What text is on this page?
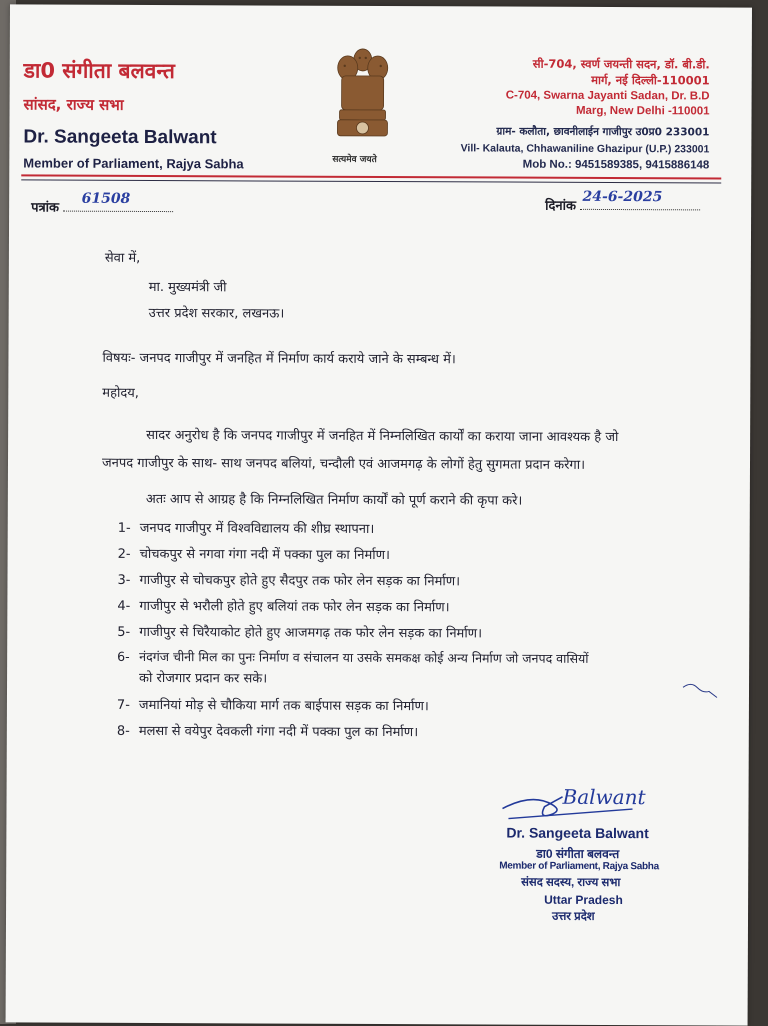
डा0 संगीता बलवन्त
सांसद, राज्य सभा
Dr. Sangeeta Balwant
Member of Parliament, Rajya Sabha	सत्यमेव जयते
सी-704, स्वर्ण जयन्ती सदन, डॉ. बी.डी.
मार्ग, नई दिल्ली-110001
C-704, Swarna Jayanti Sadan, Dr. B.D
Marg, New Delhi -110001
ग्राम- कलौता, छावनीलाईन गाजीपुर उ0प्र0 233001
Vill- Kalauta, Chhawaniline Ghazipur (U.P.) 233001
Mob No.: 9451589385, 9415886148
पत्रांक
61508	दिनांक
24-6-2025
सेवा में,
मा. मुख्यमंत्री जी
उत्तर प्रदेश सरकार, लखनऊ।
विषयः- जनपद गाजीपुर में जनहित में निर्माण कार्य कराये जाने के सम्बन्ध में।
महोदय,
सादर अनुरोध है कि जनपद गाजीपुर में जनहित में निम्नलिखित कार्यों का कराया जाना आवश्यक है जो
जनपद गाजीपुर के साथ- साथ जनपद बलियां, चन्दौली एवं आजमगढ़ के लोगों हेतु सुगमता प्रदान करेगा।
अतः आप से आग्रह है कि निम्नलिखित निर्माण कार्यों को पूर्ण कराने की कृपा करे।
1- जनपद गाजीपुर में विश्वविद्यालय की शीघ्र स्थापना।
2- चोचकपुर से नगवा गंगा नदी में पक्का पुल का निर्माण।
3- गाजीपुर से चोचकपुर होते हुए सैदपुर तक फोर लेन सड़क का निर्माण।
4- गाजीपुर से भरौली होते हुए बलियां तक फोर लेन सड़क का निर्माण।
5- गाजीपुर से चिरैयाकोट होते हुए आजमगढ़ तक फोर लेन सड़क का निर्माण।
6- नंदगंज चीनी मिल का पुनः निर्माण व संचालन या उसके समकक्ष कोई अन्य निर्माण जो जनपद वासियों
को रोजगार प्रदान कर सके।
7- जमानियां मोड़ से चौकिया मार्ग तक बाईपास सड़क का निर्माण।
8- मलसा से वयेपुर देवकली गंगा नदी में पक्का पुल का निर्माण।
Balwant
Dr. Sangeeta Balwant
डा0 संगीता बलवन्त
Member of Parliament, Rajya Sabha
संसद सदस्य, राज्य सभा
Uttar Pradesh
उत्तर प्रदेश
